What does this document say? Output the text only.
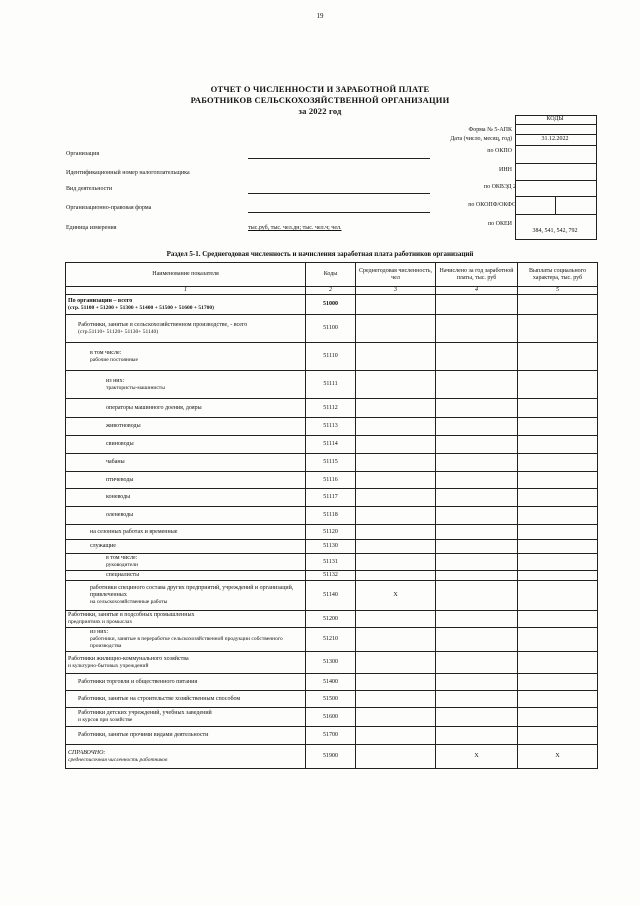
19
ОТЧЕТ О ЧИСЛЕННОСТИ И ЗАРАБОТНОЙ ПЛАТЕ
РАБОТНИКОВ СЕЛЬСКОХОЗЯЙСТВЕННОЙ ОРГАНИЗАЦИИ
за 2022 год
КОДЫ
31.12.2022
384, 541, 542, 792
Форма № 5-АПК
Дата (число, месяц, год)
по ОКПО
ИНН
по ОКВЭД 2
по ОКОПФ/ОКФС
по ОКЕИ
Организация
Идентификационный номер налогоплательщика
Вид деятельности
Организационно-правовая форма
Единица измерения	тыс.руб, тыс. чел.дн; тыс. чел.ч; чел.
Раздел 5-1. Среднегодовая численность и начисления заработная плата работников организаций
Наименование показателя	Коды	Среднегодовая численность, чел	Начислено за год заработной платы, тыс. руб	Выплаты социального характера, тыс. руб
1	2	3	4	5

По организации – всего
(стр. 51100 + 51200 + 51300 + 51400 + 51500 + 51600 + 51700)	51000			

Работники, занятые в сельскохозяйственном производстве, - всего
(стр.51110+ 51120+ 51130+ 51140)	51100			

в том числе:
рабочие постоянные	51110			

из них:
трактористы-машинисты	51111			

операторы машинного доения, дояры	51112			

животноводы	51113			

свиноводы	51114			

чабаны	51115			

птичеводы	51116			

коневоды	51117			

оленеводы	51118			

на сезонных работах и временные	51120			

служащие	51130			

в том числе:
руководители	51131			

специалисты	51132			

работники специного состава других предприятий, учреждений и организаций, привлеченных
на сельскохозяйственные работы	51140	X		

Работники, занятые в подсобных промышленных
предприятиях и промыслах	51200			

из них:
работники, занятые в переработке сельскохозяйственной продукции собственного производства	51210			

Работники жилищно-коммунального хозяйства
и культурно-бытовых учреждений	51300			

Работники торговли и общественного питания	51400			

Работники, занятые на строительстве хозяйственным способом	51500			

Работники детских учреждений, учебных заведений
и курсов при хозяйстве	51600			

Работники, занятые прочими видами деятельности	51700			

СПРАВОЧНО:
среднесписочная численность работников	51900		X	X
